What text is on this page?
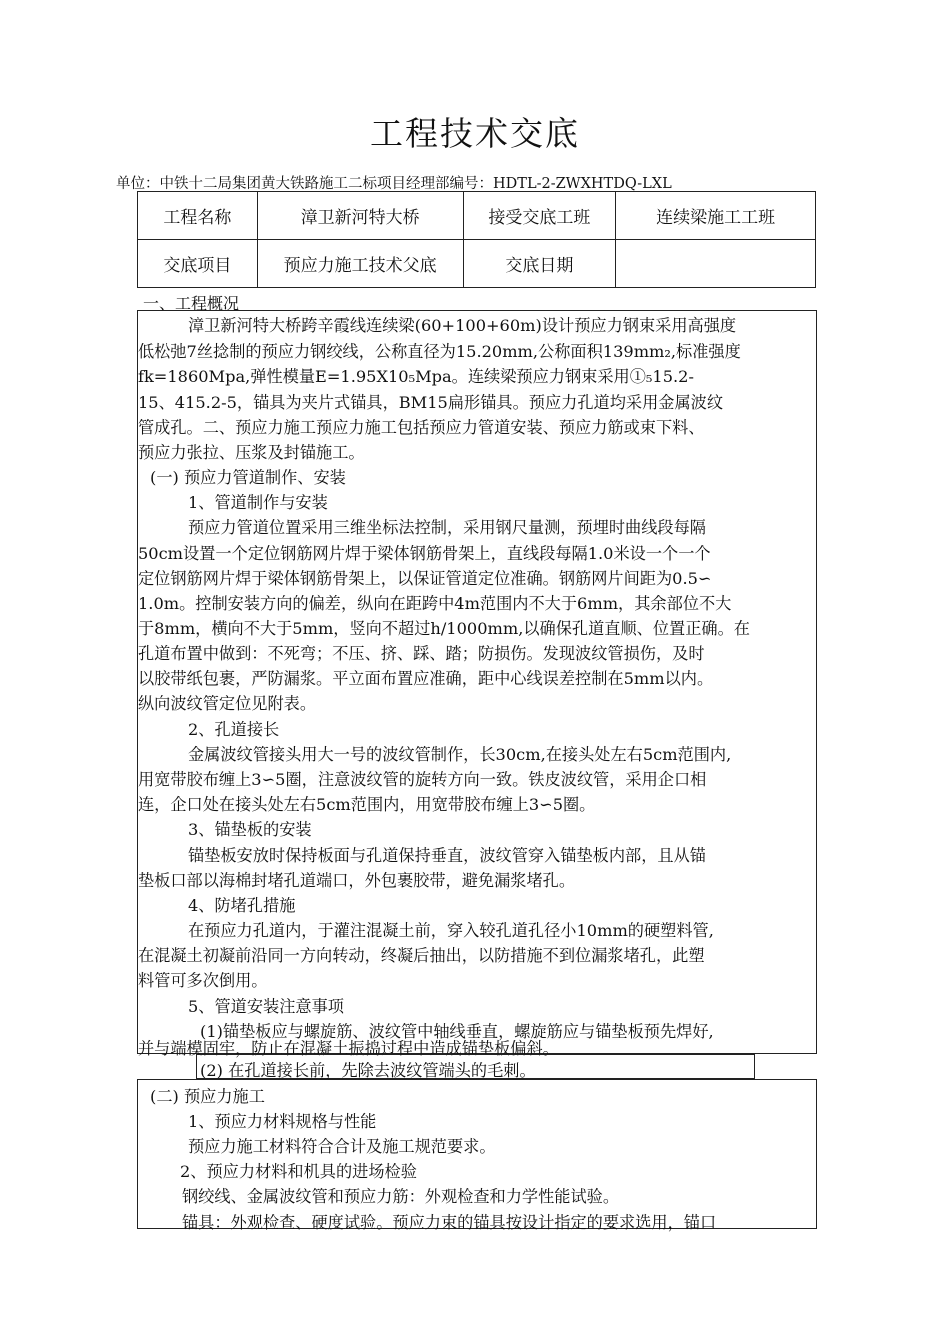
工程技术交底
单位：中铁十二局集团黄大铁路施工二标项目经理部编号：HDTL-2-ZWXHTDQ-LXL
工程名称	漳卫新河特大桥	接受交底工班	连续梁施工工班
交底项目	预应力施工技术父底	交底日期	
一、工程概况
漳卫新河特大桥跨辛霞线连续梁(60+100+60m)设计预应力钢束采用高强度
低松弛7丝捻制的预应力钢绞线，公称直径为15.20mm,公称面积139mm₂,标准强度
fk=1860Mpa,弹性模量E=1.95X10₅Mpa。连续梁预应力钢束采用①₅15.2-
15、415.2-5，锚具为夹片式锚具，BM15扁形锚具。预应力孔道均采用金属波纹
管成孔。二、预应力施工预应力施工包括预应力管道安装、预应力筋或束下料、
预应力张拉、压浆及封锚施工。
(一) 预应力管道制作、安装
1、管道制作与安装
预应力管道位置采用三维坐标法控制，采用钢尺量测，预埋时曲线段每隔
50cm设置一个定位钢筋网片焊于梁体钢筋骨架上，直线段每隔1.0米设一个一个
定位钢筋网片焊于梁体钢筋骨架上，以保证管道定位准确。钢筋网片间距为0.5∽
1.0m。控制安装方向的偏差，纵向在距跨中4m范围内不大于6mm，其余部位不大
于8mm，横向不大于5mm，竖向不超过h/1000mm,以确保孔道直顺、位置正确。在
孔道布置中做到：不死弯；不压、挤、踩、踏；防损伤。发现波纹管损伤，及时
以胶带纸包裹，严防漏浆。平立面布置应准确，距中心线误差控制在5mm以内。
纵向波纹管定位见附表。
2、孔道接长
金属波纹管接头用大一号的波纹管制作，长30cm,在接头处左右5cm范围内,
用宽带胶布缠上3∽5圈，注意波纹管的旋转方向一致。铁皮波纹管，采用企口相
连，企口处在接头处左右5cm范围内，用宽带胶布缠上3∽5圈。
3、锚垫板的安装
锚垫板安放时保持板面与孔道保持垂直，波纹管穿入锚垫板内部，且从锚
垫板口部以海棉封堵孔道端口，外包裹胶带，避免漏浆堵孔。
4、防堵孔措施
在预应力孔道内，于灌注混凝土前，穿入较孔道孔径小10mm的硬塑料管,
在混凝土初凝前沿同一方向转动，终凝后抽出，以防措施不到位漏浆堵孔，此塑
料管可多次倒用。
5、管道安装注意事项
(1)锚垫板应与螺旋筋、波纹管中轴线垂直，螺旋筋应与锚垫板预先焊好,
并与端模固牢，防止在混凝土振捣过程中造成锚垫板偏斜。
(2) 在孔道接长前，先除去波纹管端头的毛刺。
(二) 预应力施工
1、预应力材料规格与性能
预应力施工材料符合合计及施工规范要求。
2、预应力材料和机具的进场检验
钢绞线、金属波纹管和预应力筋：外观检查和力学性能试验。
锚具：外观检查、硬度试验。预应力束的锚具按设计指定的要求选用，锚口
